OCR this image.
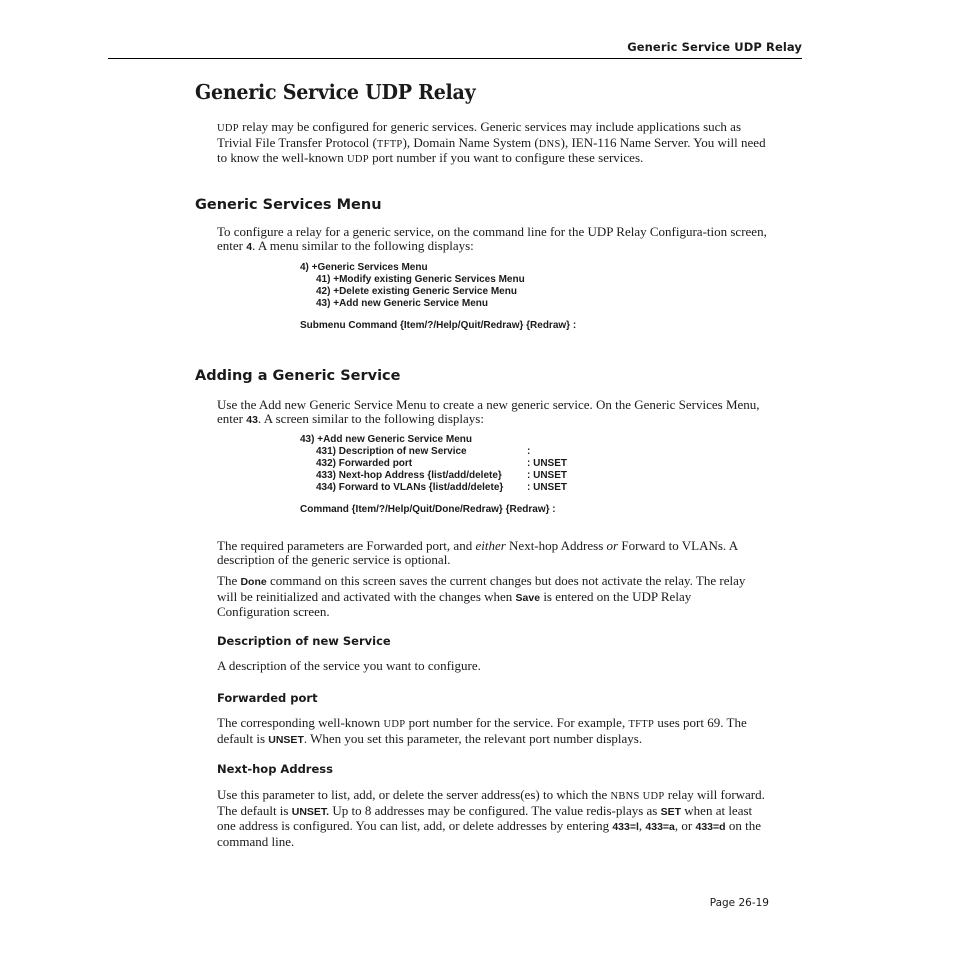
Generic Service UDP Relay
Generic Service UDP Relay

UDP relay may be configured for generic services. Generic services may include applications such as Trivial File Transfer Protocol (TFTP), Domain Name System (DNS), IEN-116 Name Server. You will need to know the well-known UDP port number if you want to configure these services.

Generic Services Menu

To configure a relay for a generic service, on the command line for the UDP Relay Configura-tion screen, enter 4. A menu similar to the following displays:

4) +Generic Services Menu
41) +Modify existing Generic Services Menu
42) +Delete existing Generic Service Menu
43) +Add new Generic Service Menu
Submenu Command {Item/?/Help/Quit/Redraw} {Redraw} :
Adding a Generic Service

Use the Add new Generic Service Menu to create a new generic service. On the Generic Services Menu, enter 43. A screen similar to the following displays:

43) +Add new Generic Service Menu
431) Description of new Service	:
432) Forwarded port	: UNSET
433) Next-hop Address {list/add/delete}	: UNSET
434) Forward to VLANs {list/add/delete}	: UNSET
Command {Item/?/Help/Quit/Done/Redraw} {Redraw} :

The required parameters are Forwarded port, and either Next-hop Address or Forward to VLANs. A description of the generic service is optional.

The Done command on this screen saves the current changes but does not activate the relay. The relay will be reinitialized and activated with the changes when Save is entered on the UDP Relay Configuration screen.

Description of new Service

A description of the service you want to configure.

Forwarded port

The corresponding well-known UDP port number for the service. For example, TFTP uses port 69. The default is UNSET. When you set this parameter, the relevant port number displays.

Next-hop Address

Use this parameter to list, add, or delete the server address(es) to which the NBNS UDP relay will forward. The default is UNSET. Up to 8 addresses may be configured. The value redis-plays as SET when at least one address is configured. You can list, add, or delete addresses by entering 433=l, 433=a, or 433=d on the command line.

Page 26-19
